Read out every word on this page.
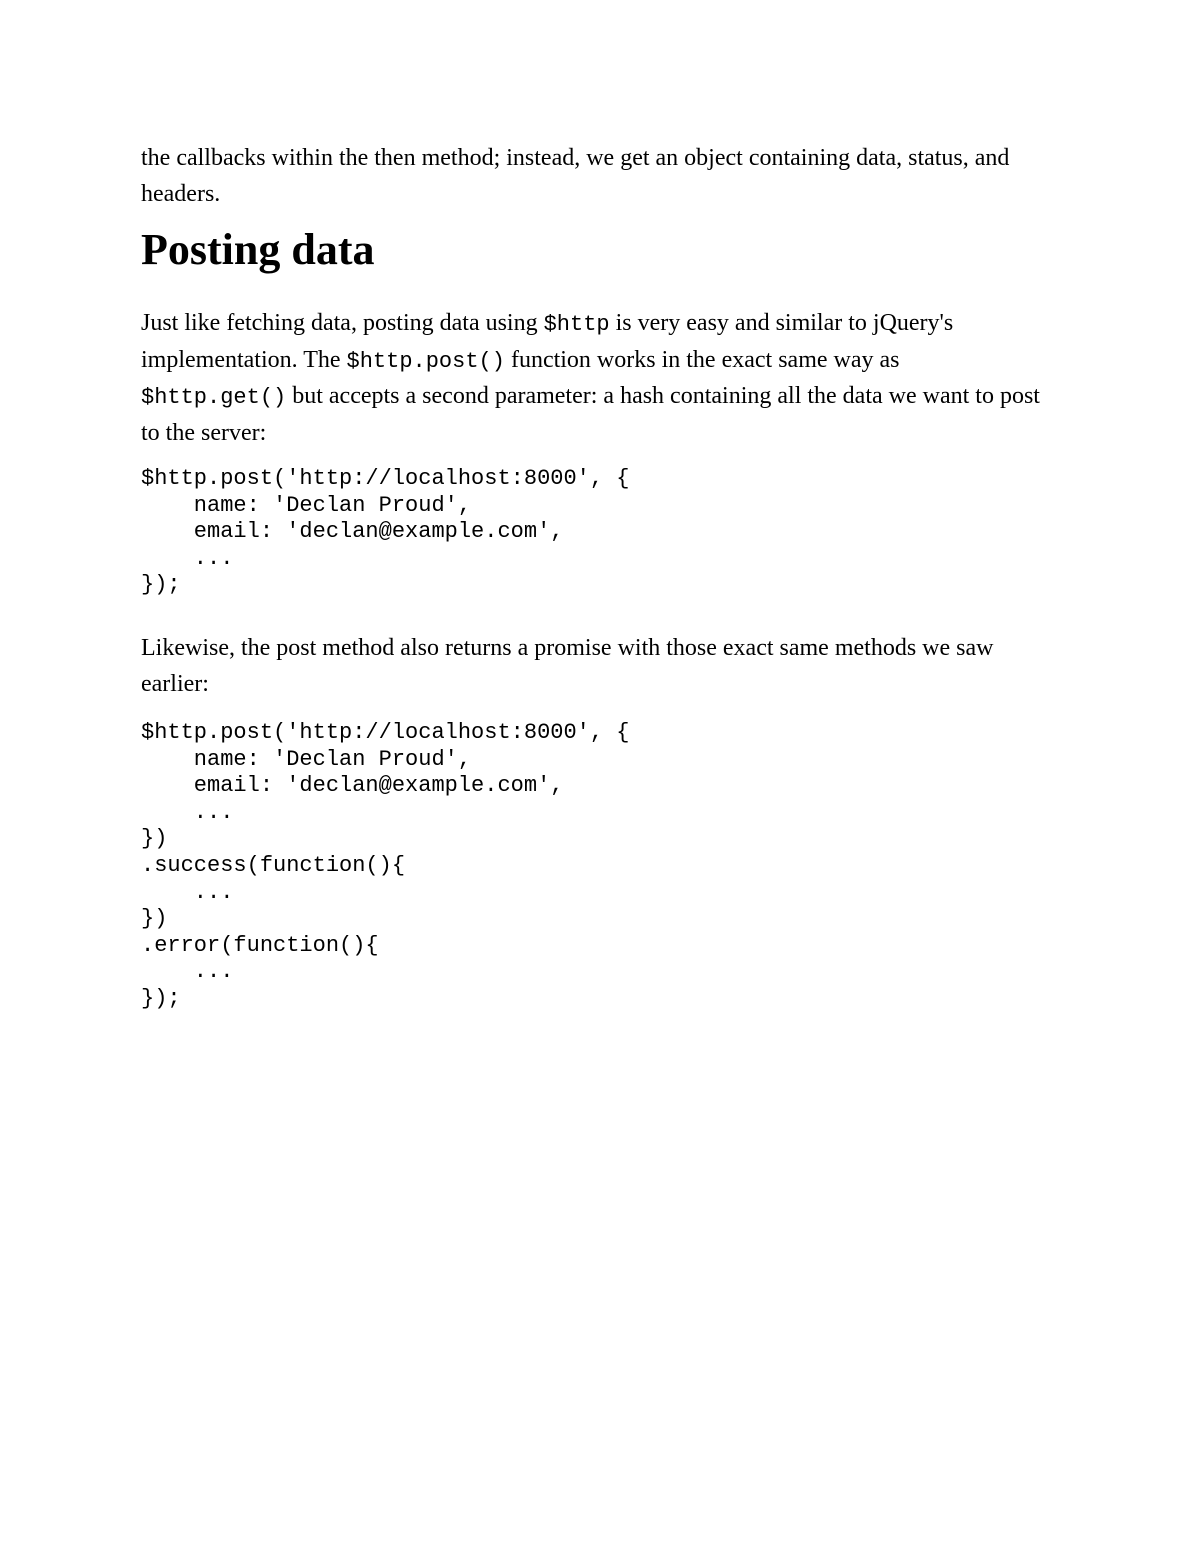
the callbacks within the then method; instead, we get an object containing data, status, and headers.

Posting data

Just like fetching data, posting data using $http is very easy and similar to jQuery's implementation. The $http.post() function works in the exact same way as $http.get() but accepts a second parameter: a hash containing all the data we want to post to the server:

$http.post('http://localhost:8000', {
name: 'Declan Proud',
email: 'declan@example.com',
...
});

Likewise, the post method also returns a promise with those exact same methods we saw earlier:

$http.post('http://localhost:8000', {
name: 'Declan Proud',
email: 'declan@example.com',
...
})
.success(function(){
...
})
.error(function(){
...
});
